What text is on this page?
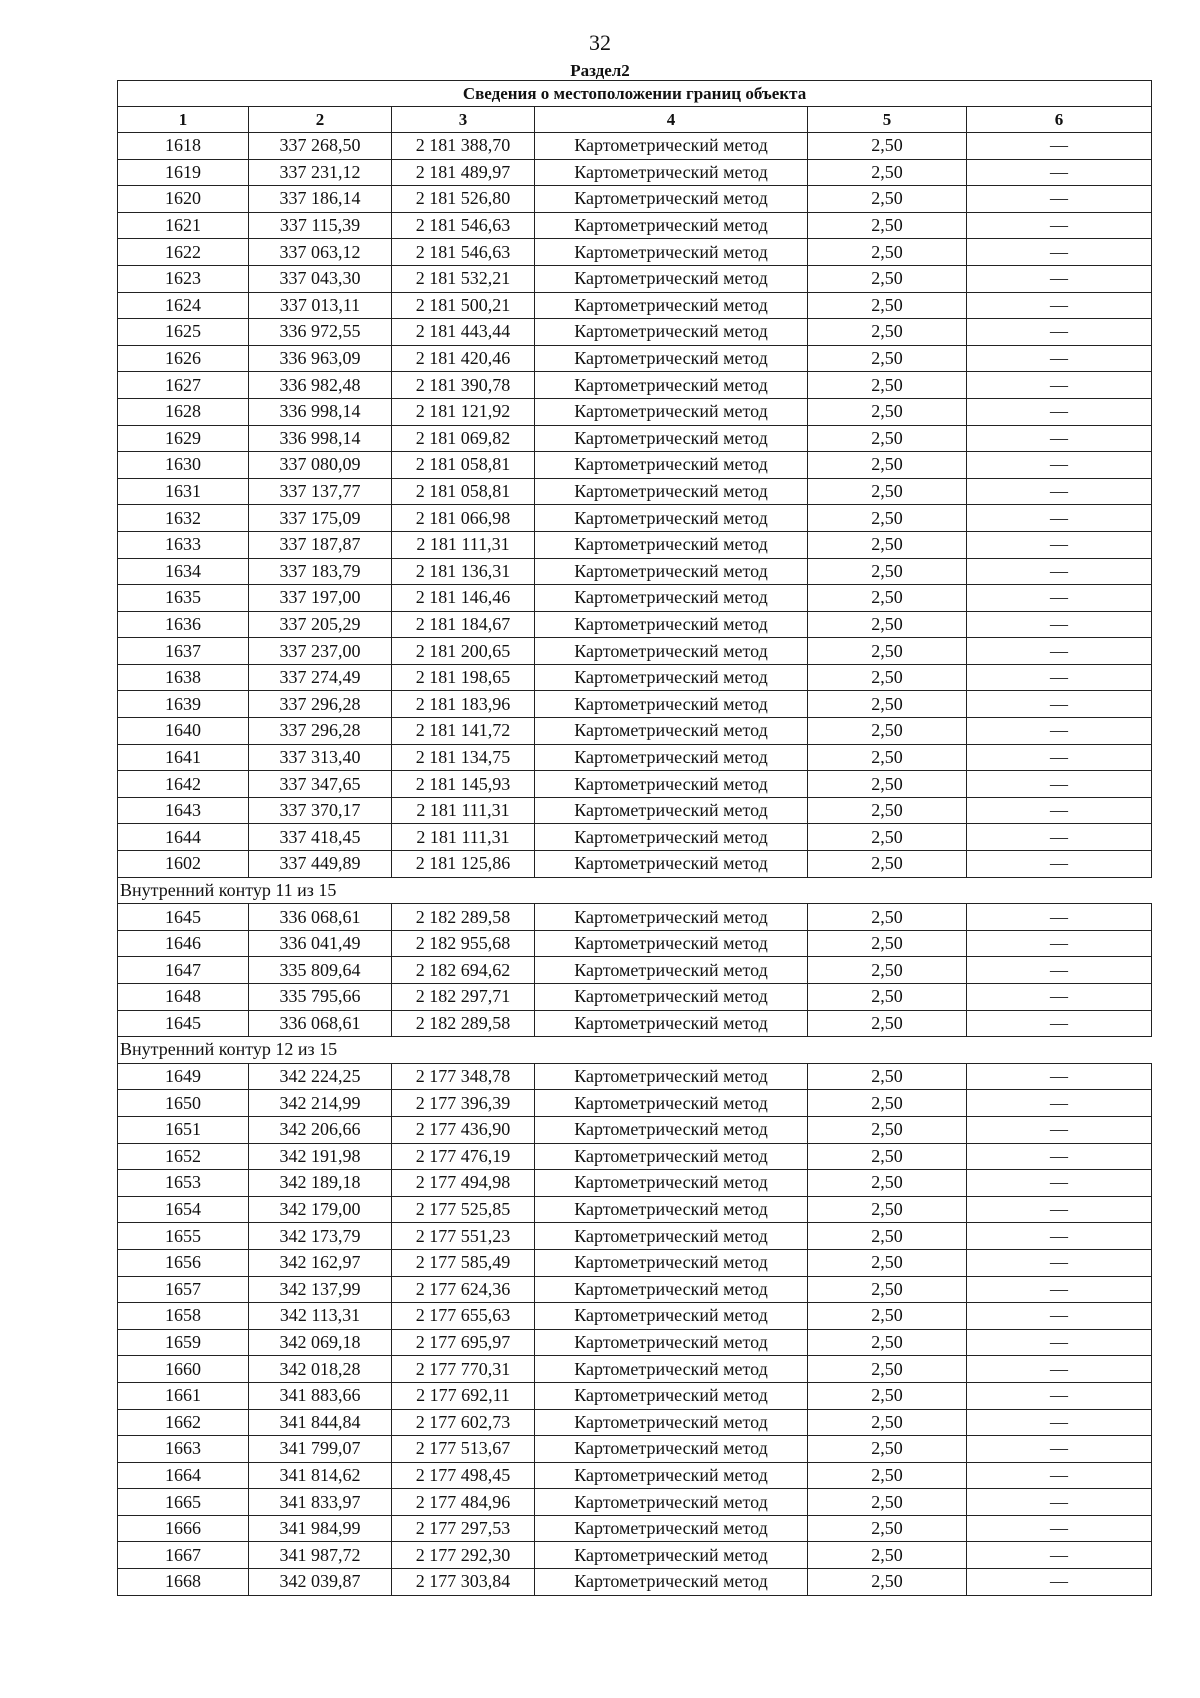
32
Раздел2
Сведения о местоположении границ объекта					
1	2	3	4	5	6
1618	337 268,50	2 181 388,70	Картометрический метод	2,50	—
1619	337 231,12	2 181 489,97	Картометрический метод	2,50	—
1620	337 186,14	2 181 526,80	Картометрический метод	2,50	—
1621	337 115,39	2 181 546,63	Картометрический метод	2,50	—
1622	337 063,12	2 181 546,63	Картометрический метод	2,50	—
1623	337 043,30	2 181 532,21	Картометрический метод	2,50	—
1624	337 013,11	2 181 500,21	Картометрический метод	2,50	—
1625	336 972,55	2 181 443,44	Картометрический метод	2,50	—
1626	336 963,09	2 181 420,46	Картометрический метод	2,50	—
1627	336 982,48	2 181 390,78	Картометрический метод	2,50	—
1628	336 998,14	2 181 121,92	Картометрический метод	2,50	—
1629	336 998,14	2 181 069,82	Картометрический метод	2,50	—
1630	337 080,09	2 181 058,81	Картометрический метод	2,50	—
1631	337 137,77	2 181 058,81	Картометрический метод	2,50	—
1632	337 175,09	2 181 066,98	Картометрический метод	2,50	—
1633	337 187,87	2 181 111,31	Картометрический метод	2,50	—
1634	337 183,79	2 181 136,31	Картометрический метод	2,50	—
1635	337 197,00	2 181 146,46	Картометрический метод	2,50	—
1636	337 205,29	2 181 184,67	Картометрический метод	2,50	—
1637	337 237,00	2 181 200,65	Картометрический метод	2,50	—
1638	337 274,49	2 181 198,65	Картометрический метод	2,50	—
1639	337 296,28	2 181 183,96	Картометрический метод	2,50	—
1640	337 296,28	2 181 141,72	Картометрический метод	2,50	—
1641	337 313,40	2 181 134,75	Картометрический метод	2,50	—
1642	337 347,65	2 181 145,93	Картометрический метод	2,50	—
1643	337 370,17	2 181 111,31	Картометрический метод	2,50	—
1644	337 418,45	2 181 111,31	Картометрический метод	2,50	—
1602	337 449,89	2 181 125,86	Картометрический метод	2,50	—
Внутренний контур 11 из 15					
1645	336 068,61	2 182 289,58	Картометрический метод	2,50	—
1646	336 041,49	2 182 955,68	Картометрический метод	2,50	—
1647	335 809,64	2 182 694,62	Картометрический метод	2,50	—
1648	335 795,66	2 182 297,71	Картометрический метод	2,50	—
1645	336 068,61	2 182 289,58	Картометрический метод	2,50	—
Внутренний контур 12 из 15					
1649	342 224,25	2 177 348,78	Картометрический метод	2,50	—
1650	342 214,99	2 177 396,39	Картометрический метод	2,50	—
1651	342 206,66	2 177 436,90	Картометрический метод	2,50	—
1652	342 191,98	2 177 476,19	Картометрический метод	2,50	—
1653	342 189,18	2 177 494,98	Картометрический метод	2,50	—
1654	342 179,00	2 177 525,85	Картометрический метод	2,50	—
1655	342 173,79	2 177 551,23	Картометрический метод	2,50	—
1656	342 162,97	2 177 585,49	Картометрический метод	2,50	—
1657	342 137,99	2 177 624,36	Картометрический метод	2,50	—
1658	342 113,31	2 177 655,63	Картометрический метод	2,50	—
1659	342 069,18	2 177 695,97	Картометрический метод	2,50	—
1660	342 018,28	2 177 770,31	Картометрический метод	2,50	—
1661	341 883,66	2 177 692,11	Картометрический метод	2,50	—
1662	341 844,84	2 177 602,73	Картометрический метод	2,50	—
1663	341 799,07	2 177 513,67	Картометрический метод	2,50	—
1664	341 814,62	2 177 498,45	Картометрический метод	2,50	—
1665	341 833,97	2 177 484,96	Картометрический метод	2,50	—
1666	341 984,99	2 177 297,53	Картометрический метод	2,50	—
1667	341 987,72	2 177 292,30	Картометрический метод	2,50	—
1668	342 039,87	2 177 303,84	Картометрический метод	2,50	—
